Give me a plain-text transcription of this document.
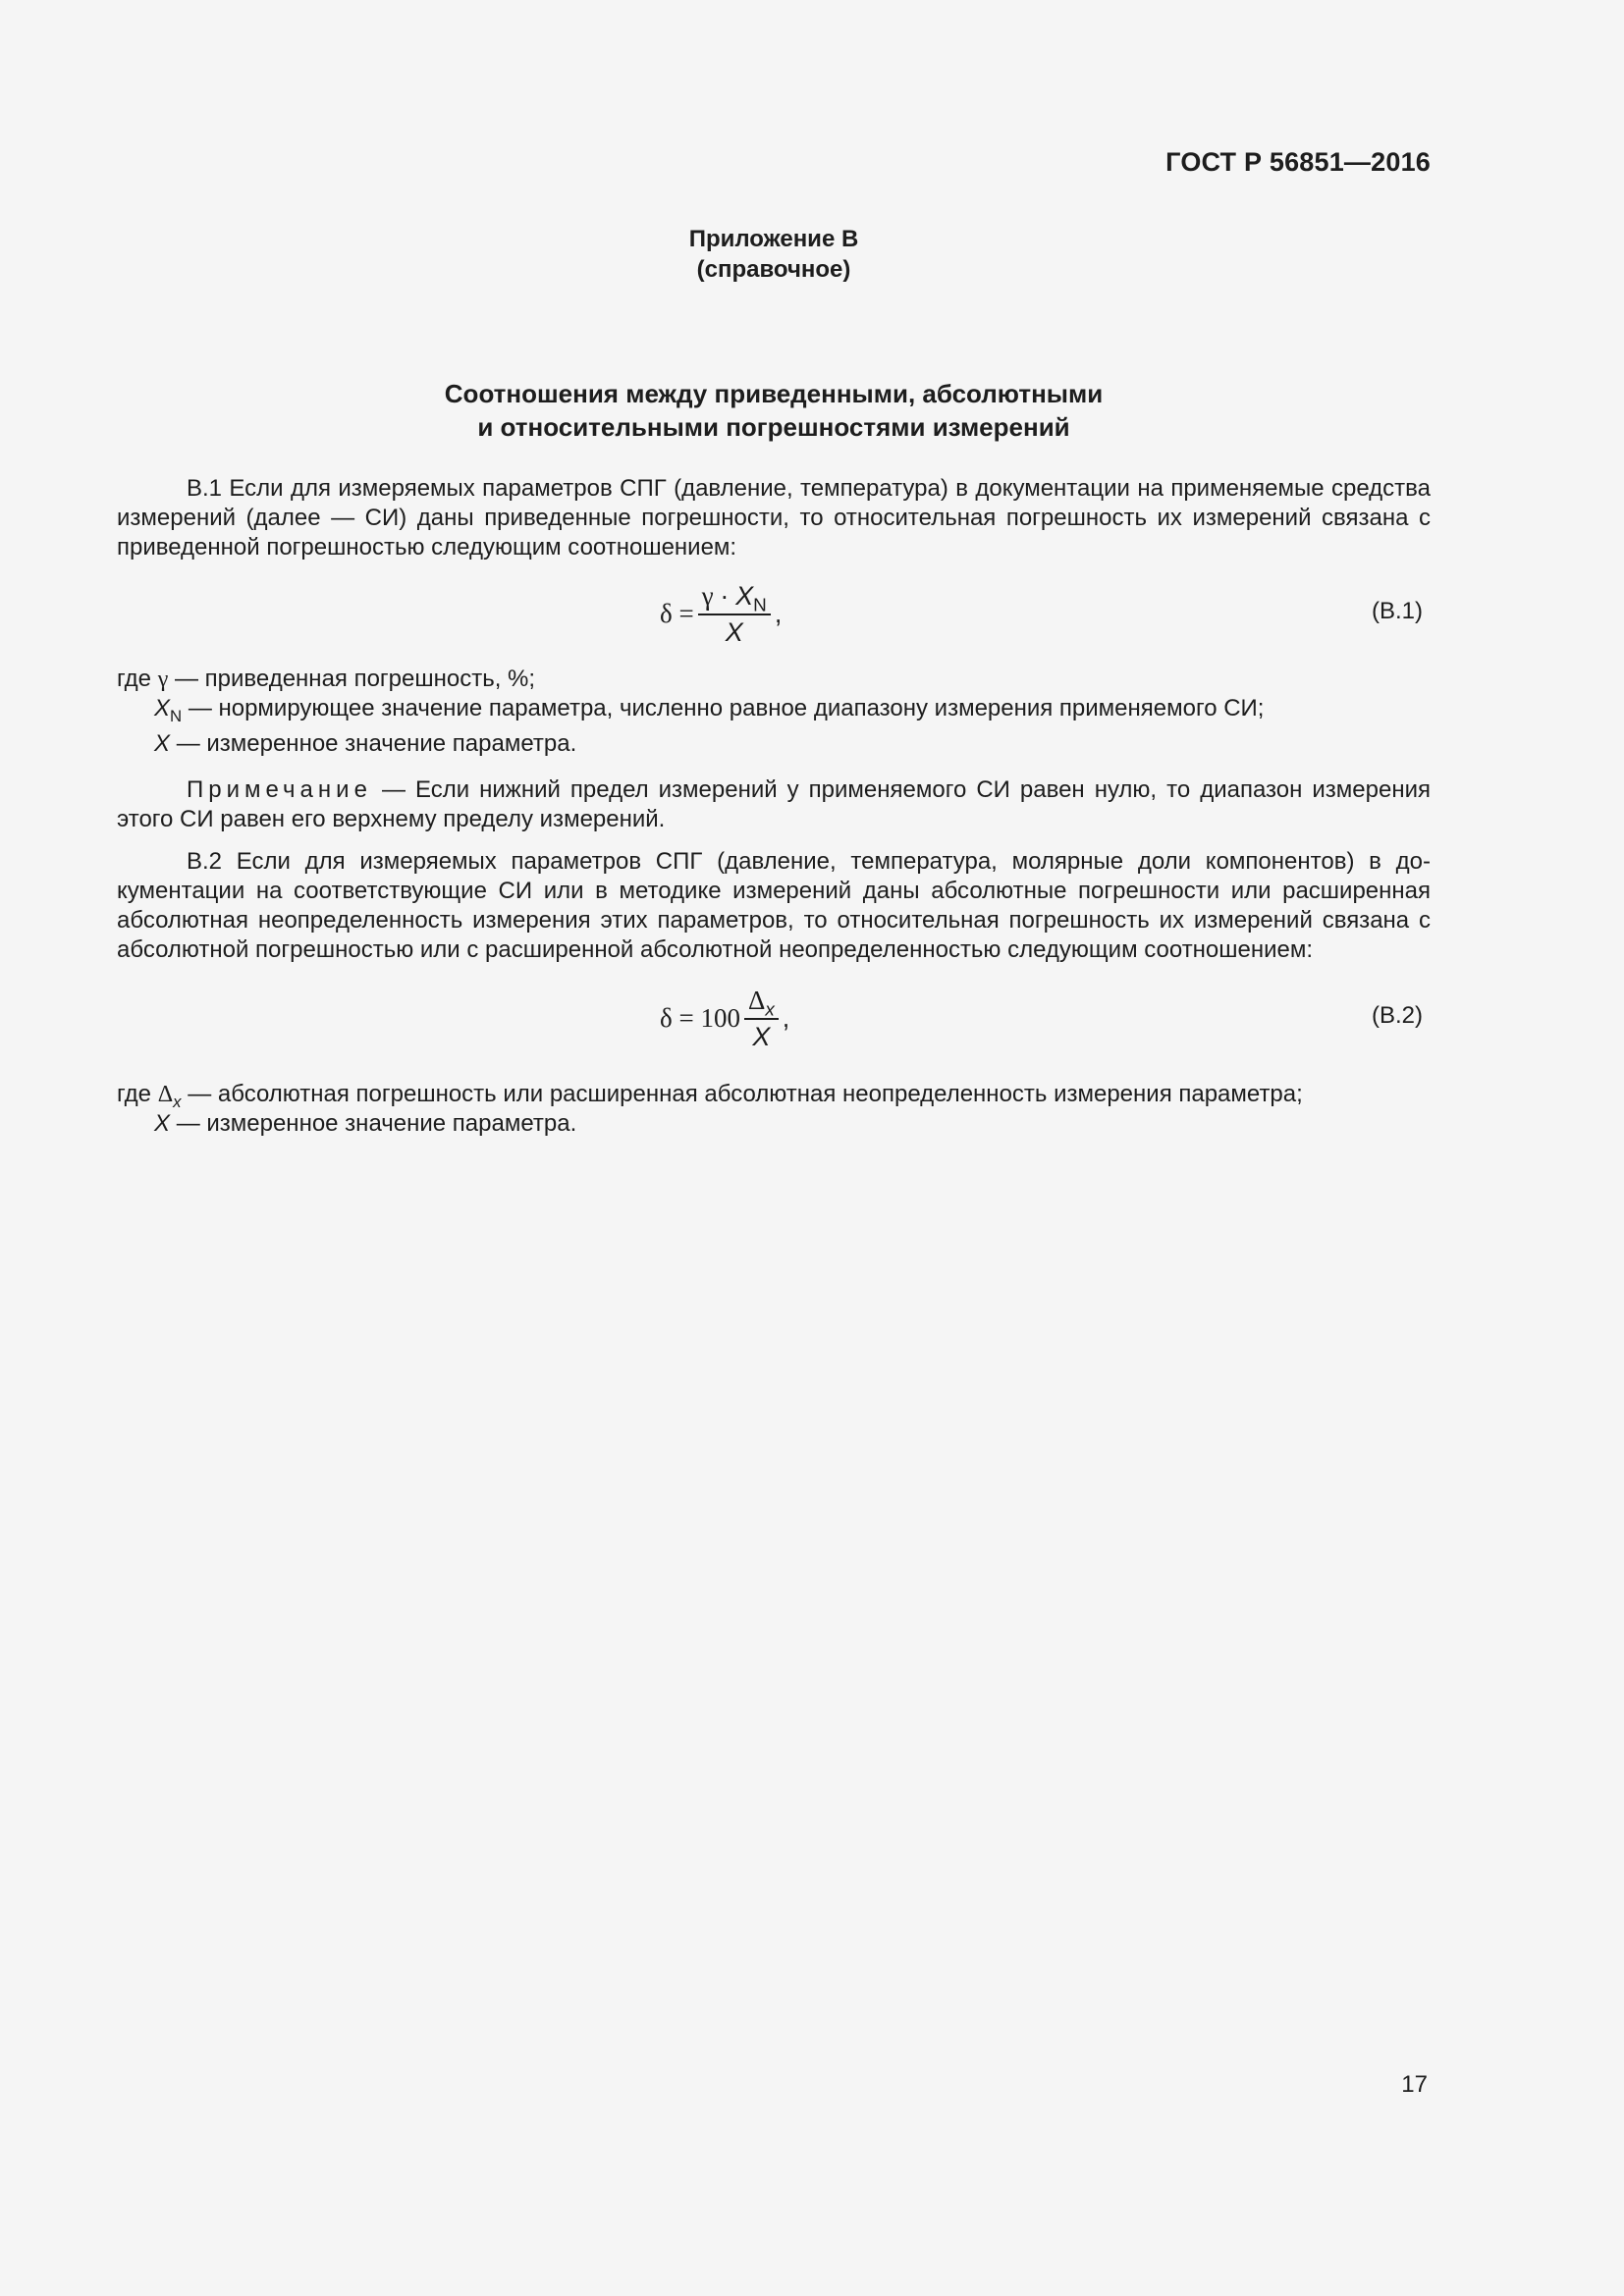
ГОСТ Р 56851—2016
Приложение В
(справочное)
Соотношения между приведенными, абсолютными
и относительными погрешностями измерений

В.1 Если для измеряемых параметров СПГ (давление, температура) в документации на применяемые средства измерений (далее — СИ) даны приведенные погрешности, то относительная погрешность их измерений связана с приведенной погрешностью следующим соотношением:

$\delta = \frac{\gamma \cdot X_N}{X}$ ,	(В.1)

где γ — приведенная погрешность, %;

$X_N$ — нормирующее значение параметра, численно равное диапазону измерения применяемого СИ;

X — измеренное значение параметра.

Примечание — Если нижний предел измерений у применяемого СИ равен нулю, то диапазон измерения этого СИ равен его верхнему пределу измерений.

В.2 Если для измеряемых параметров СПГ (давление, температура, молярные доли компонентов) в документации на соответствующие СИ или в методике измерений даны абсолютные погрешности или расширенная абсолютная неопределенность измерения этих параметров, то относительная погрешность их измерений связана с абсолютной погрешностью или с расширенной абсолютной неопределенностью следующим соотношением:

$\delta = 100 \frac{\Delta_x}{X}$ ,	(В.2)

где $\Delta_x$ — абсолютная погрешность или расширенная абсолютная неопределенность измерения параметра;

X — измеренное значение параметра.

17
